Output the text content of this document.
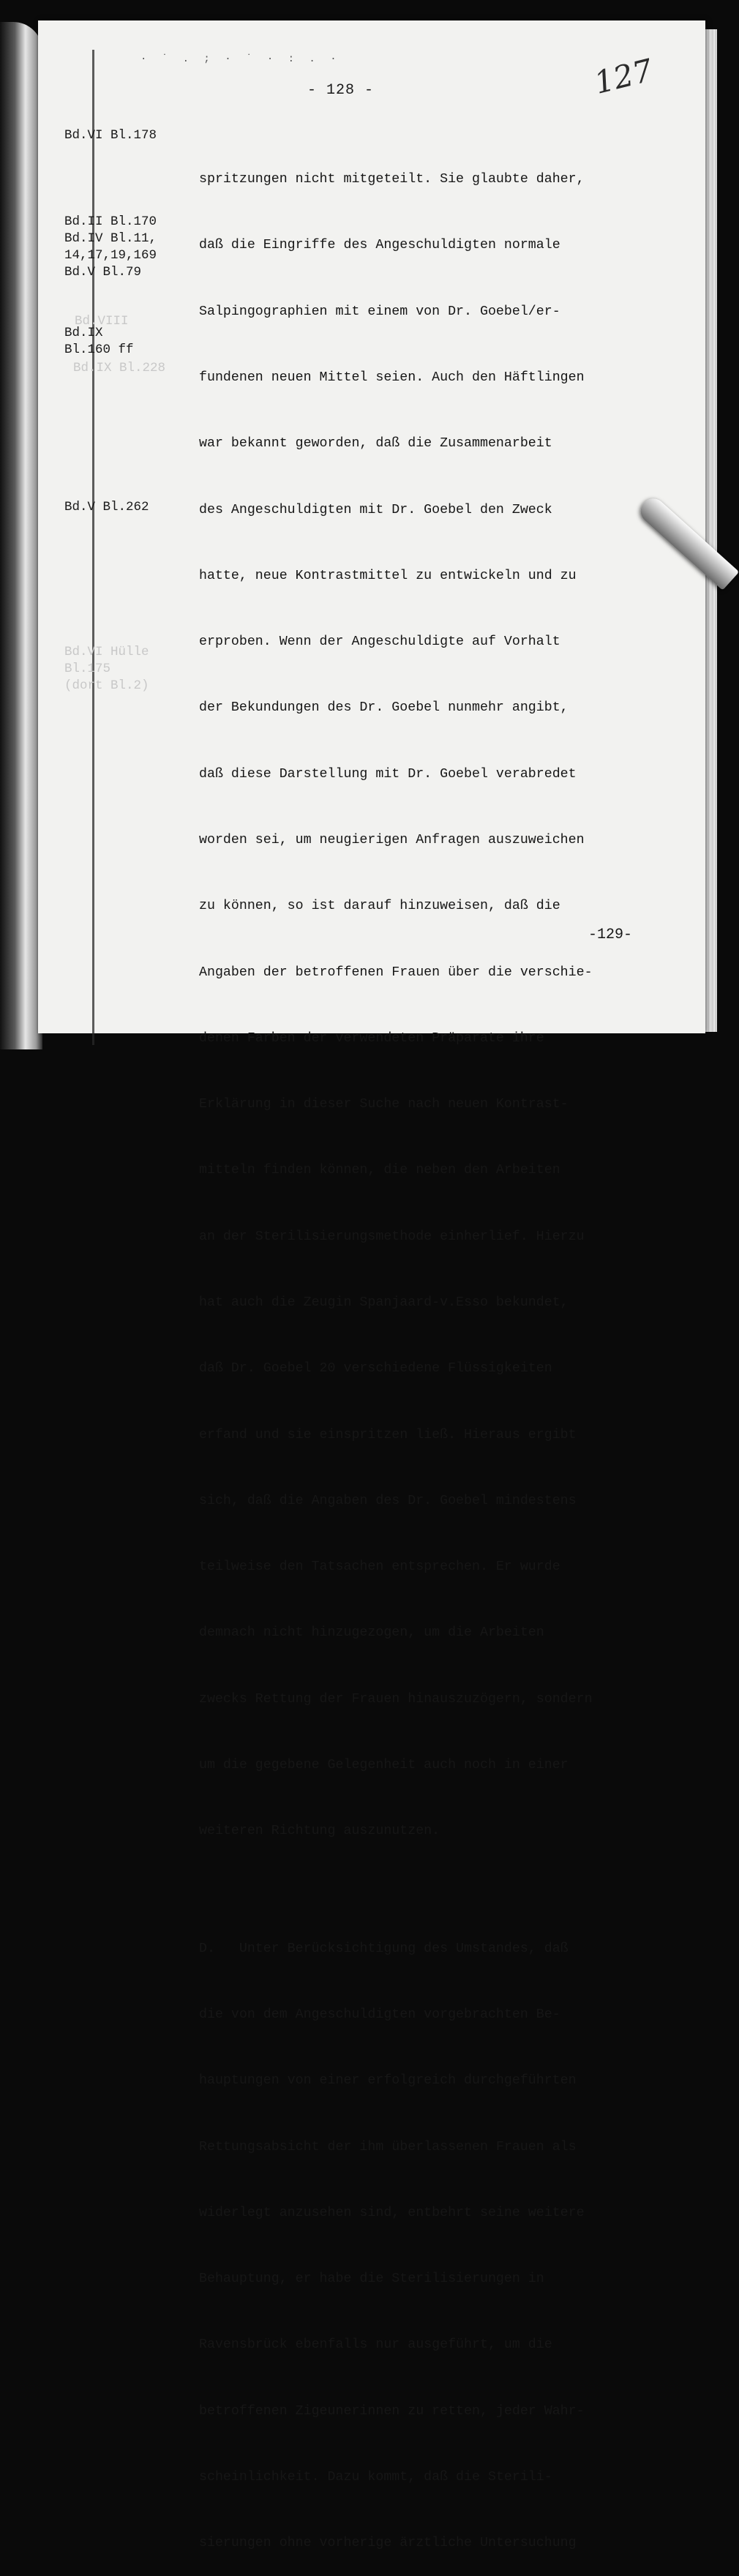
· ˙ . ; · ˙ · : . ·
- 128 -	127
Bd.VI Bl.178
Bd.II Bl.170
Bd.IV Bl.11,
14,17,19,169
Bd.V Bl.79
Bd.IX
Bl.160 ff
Bd.V Bl.262
Bd.VIII
Bd.IX Bl.228
Bd.VI Hülle
Bl.175
(dort Bl.2)

spritzungen nicht mitgeteilt. Sie glaubte daher,

daß die Eingriffe des Angeschuldigten normale

Salpingographien mit einem von Dr. Goebel/er-

fundenen neuen Mittel seien. Auch den Häftlingen

war bekannt geworden, daß die Zusammenarbeit

des Angeschuldigten mit Dr. Goebel den Zweck

hatte, neue Kontrastmittel zu entwickeln und zu

erproben. Wenn der Angeschuldigte auf Vorhalt

der Bekundungen des Dr. Goebel nunmehr angibt,

daß diese Darstellung mit Dr. Goebel verabredet

worden sei, um neugierigen Anfragen auszuweichen

zu können, so ist darauf hinzuweisen, daß die

Angaben der betroffenen Frauen über die verschie-

denen Farben der verwendeten Präparate ihre

Erklärung in dieser Suche nach neuen Kontrast-

mitteln finden können, die neben den Arbeiten

an der Sterilisierungsmethode einherlief. Hierzu

hat auch die Zeugin Spanjaard-v.Esso bekundet,

daß Dr. Goebel 20 verschiedene Flüssigkeiten

erfand und sie einspritzen ließ. Hieraus ergibt

sich, daß die Angaben des Dr. Goebel mindestens

teilweise den Tatsachen entsprechen. Er wurde

demnach nicht hinzugezogen, um die Arbeiten

zwecks Rettung der Frauen hinauszuzögern, sondern

um die gegebene Gelegenheit auch noch in einer

weiteren Richtung auszunutzen.

D.   Unter Berücksichtigung des Umstandes, daß

die von dem Angeschuldigten vorgebrachten Be-

hauptungen von einer erfolgreich durchgeführten

Rettungsabsicht der ihm überlassenen Frauen als

widerlegt anzusehen sind, entbehrt seine weitere

Behauptung, er habe die Sterilisierungen in

Ravensbrück ebenfalls nur ausgeführt, um die

betroffenen Zigeunerinnen zu retten, jeder Wahr-

scheinlichkeit. Dazu kommt, daß die Sterili-

sierungen ohne vorherige ärztliche Untersuchung

-129-
